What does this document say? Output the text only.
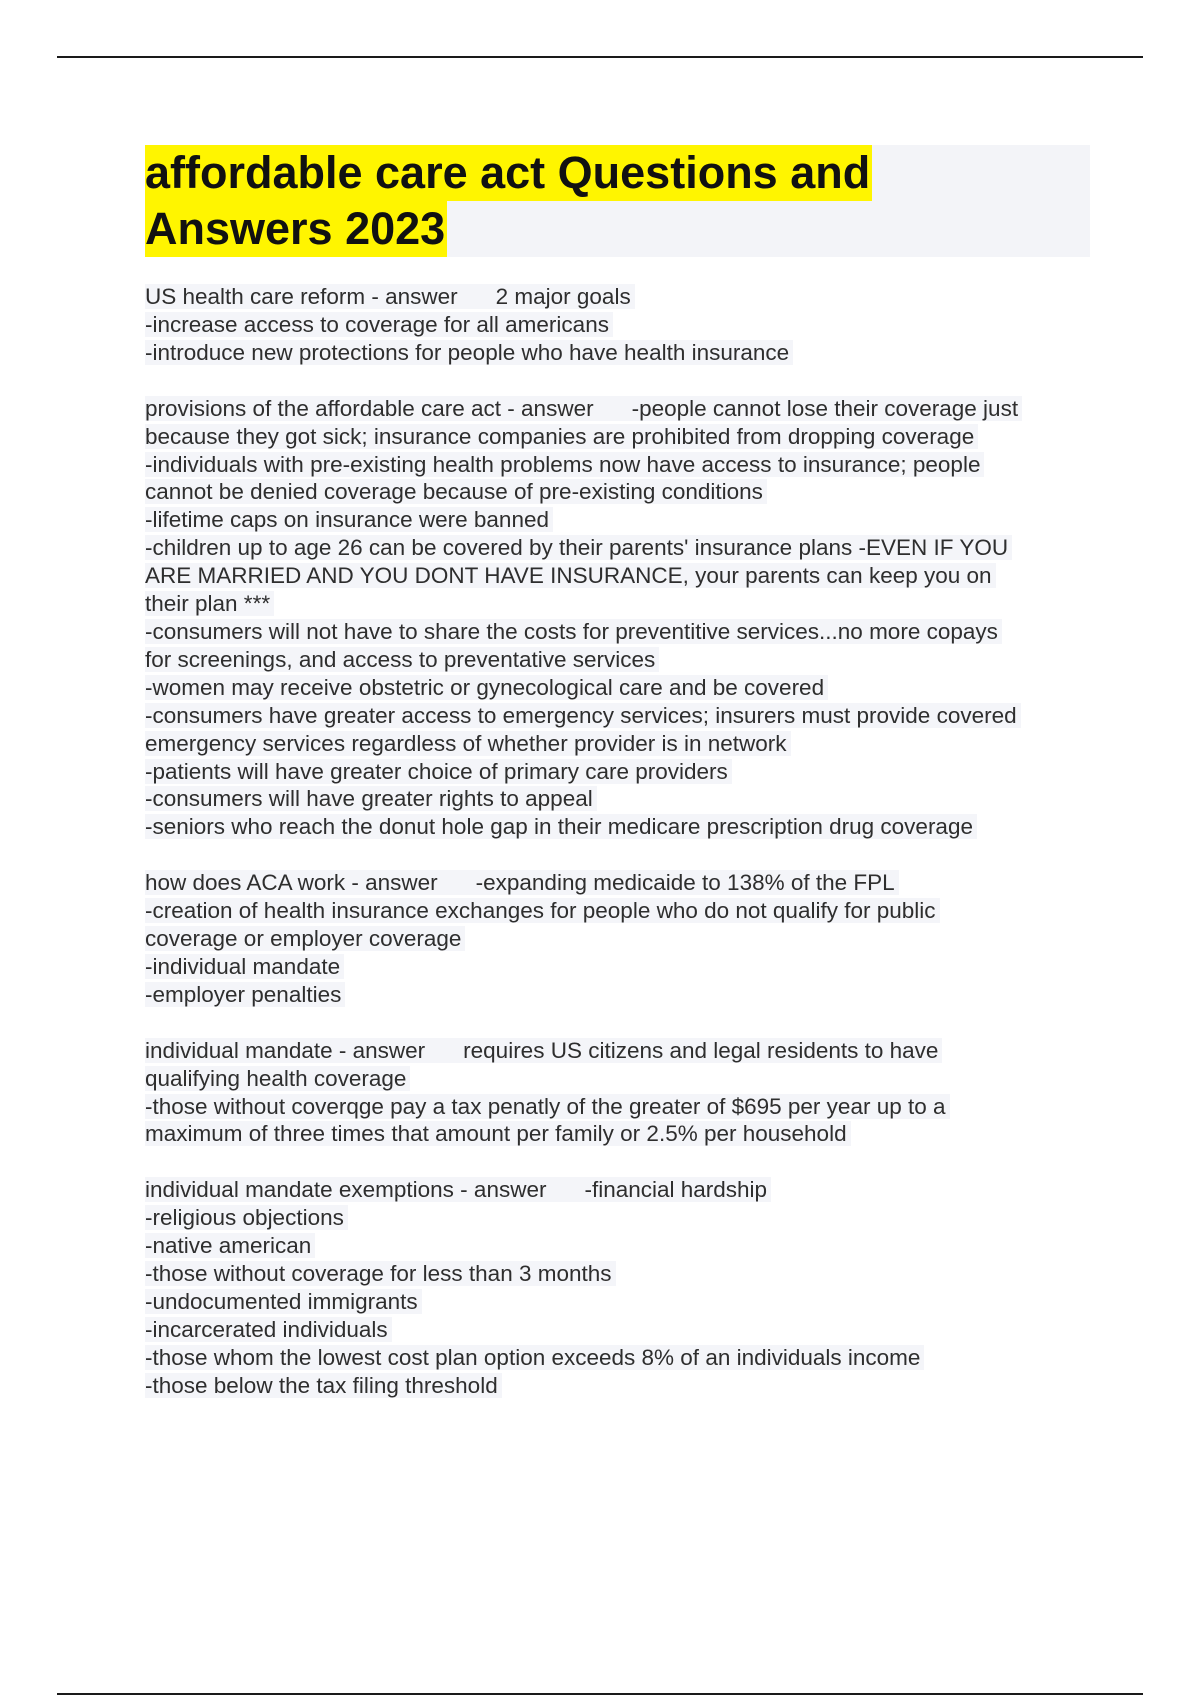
affordable care act Questions and
Answers 2023
US health care reform - answer 2 major goals
-increase access to coverage for all americans
-introduce new protections for people who have health insurance
provisions of the affordable care act - answer -people cannot lose their coverage just
because they got sick; insurance companies are prohibited from dropping coverage
-individuals with pre-existing health problems now have access to insurance; people
cannot be denied coverage because of pre-existing conditions
-lifetime caps on insurance were banned
-children up to age 26 can be covered by their parents' insurance plans -EVEN IF YOU
ARE MARRIED AND YOU DONT HAVE INSURANCE, your parents can keep you on
their plan ***
-consumers will not have to share the costs for preventitive services...no more copays
for screenings, and access to preventative services
-women may receive obstetric or gynecological care and be covered
-consumers have greater access to emergency services; insurers must provide covered
emergency services regardless of whether provider is in network
-patients will have greater choice of primary care providers
-consumers will have greater rights to appeal
-seniors who reach the donut hole gap in their medicare prescription drug coverage
how does ACA work - answer -expanding medicaide to 138% of the FPL
-creation of health insurance exchanges for people who do not qualify for public
coverage or employer coverage
-individual mandate
-employer penalties
individual mandate - answer requires US citizens and legal residents to have
qualifying health coverage
-those without coverqge pay a tax penatly of the greater of $695 per year up to a
maximum of three times that amount per family or 2.5% per household
individual mandate exemptions - answer -financial hardship
-religious objections
-native american
-those without coverage for less than 3 months
-undocumented immigrants
-incarcerated individuals
-those whom the lowest cost plan option exceeds 8% of an individuals income
-those below the tax filing threshold
